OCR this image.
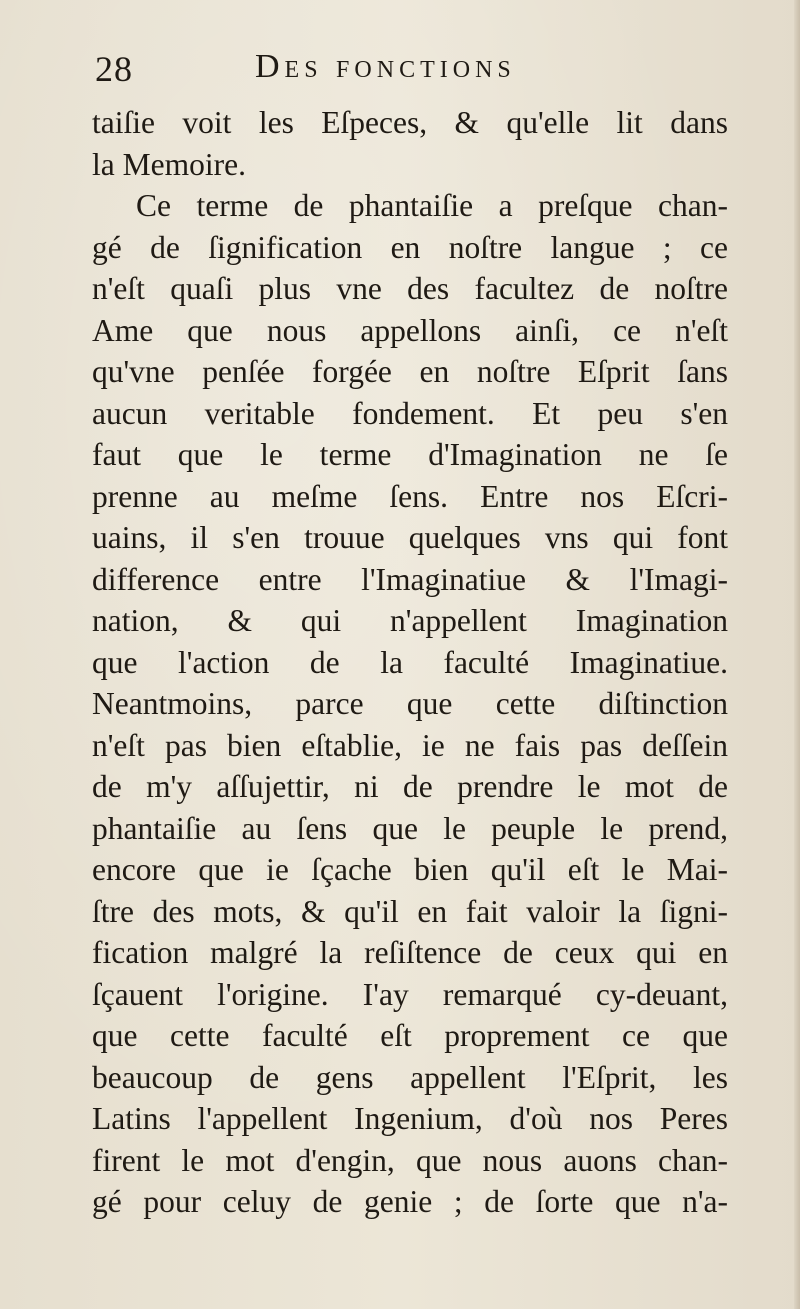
28	Des fonctions
taiſie voit les Eſpeces, & qu'elle lit dans
la Memoire.
Ce terme de phantaiſie a preſque chan-
gé de ſignification en noſtre langue ; ce
n'eſt quaſi plus vne des facultez de noſtre
Ame que nous appellons ainſi, ce n'eſt
qu'vne penſée forgée en noſtre Eſprit ſans
aucun veritable fondement. Et peu s'en
faut que le terme d'Imagination ne ſe
prenne au meſme ſens. Entre nos Eſcri-
uains, il s'en trouue quelques vns qui font
difference entre l'Imaginatiue & l'Imagi-
nation, & qui n'appellent Imagination
que l'action de la faculté Imaginatiue.
Neantmoins, parce que cette diſtinction
n'eſt pas bien eſtablie, ie ne fais pas deſſein
de m'y aſſujettir, ni de prendre le mot de
phantaiſie au ſens que le peuple le prend,
encore que ie ſçache bien qu'il eſt le Mai-
ſtre des mots, & qu'il en fait valoir la ſigni-
fication malgré la reſiſtence de ceux qui en
ſçauent l'origine. I'ay remarqué cy-deuant,
que cette faculté eſt proprement ce que
beaucoup de gens appellent l'Eſprit, les
Latins l'appellent Ingenium, d'où nos Peres
firent le mot d'engin, que nous auons chan-
gé pour celuy de genie ; de ſorte que n'a-
